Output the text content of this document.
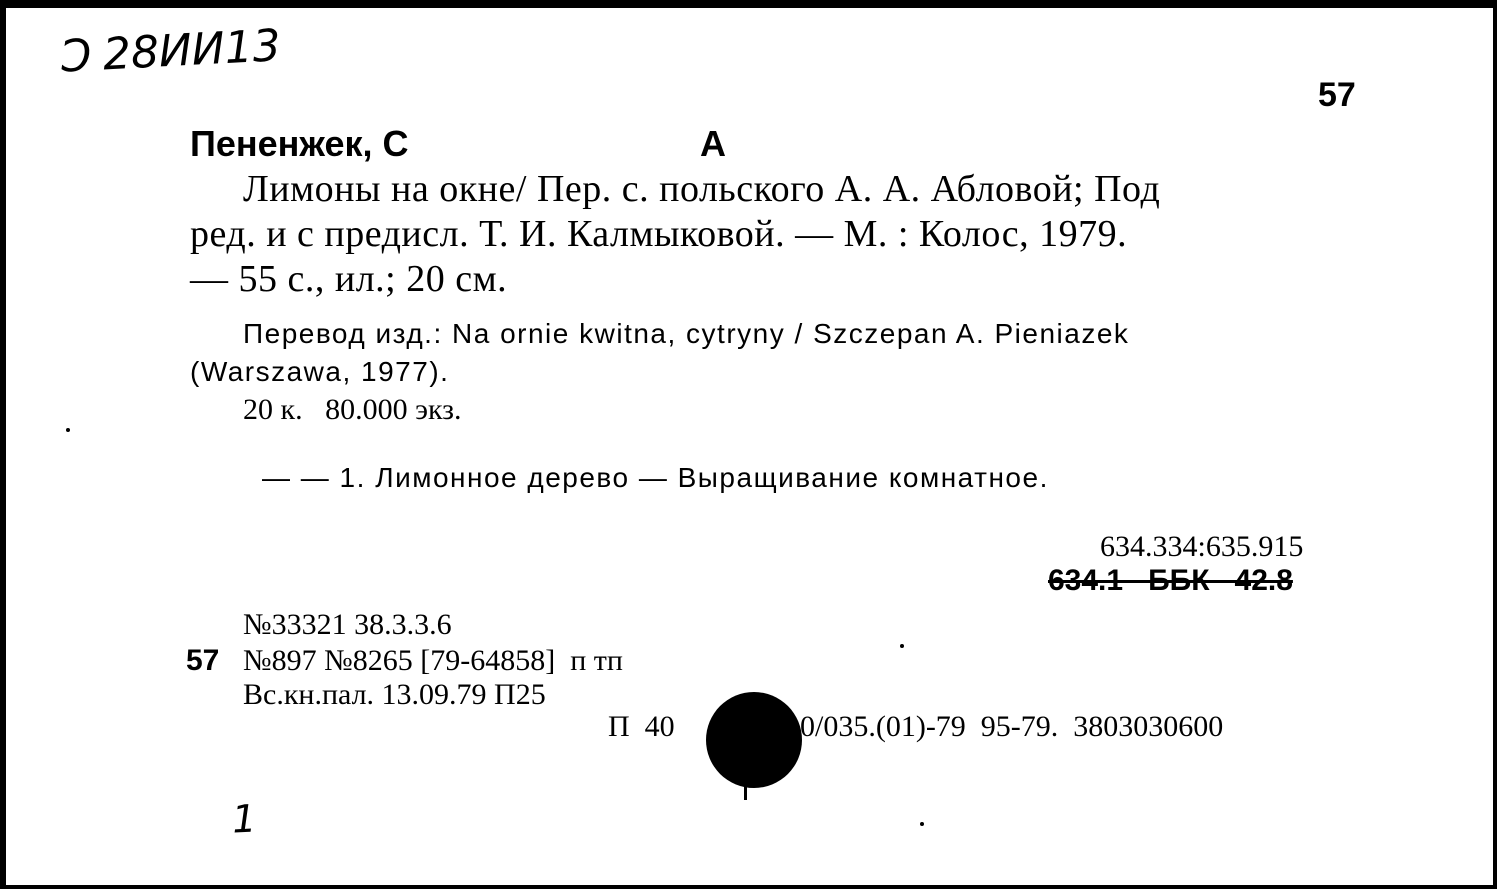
Ɔ 28ИИ13
57
Пененжек, С	А
Лимоны на окне/ Пер. с. польского А. А. Абловой; Под
ред. и с предисл. Т. И. Калмыковой. — М. : Колос, 1979.
— 55 с., ил.; 20 см.
Перевод изд.: Na ornie kwitna, cytryny / Szczepan A. Pieniazek
(Warszawa, 1977).
20 к.   80.000 экз.
— — 1. Лимонное дерево — Выращивание комнатное.
634.334:635.915
634.1   ББК   42.8
№33321 38.3.3.6
57 №897 №8265 [79-64858]  п тп
Вс.кн.пал. 13.09.79 П25
П  40	0/035.(01)-79  95-79.  3803030600
1
